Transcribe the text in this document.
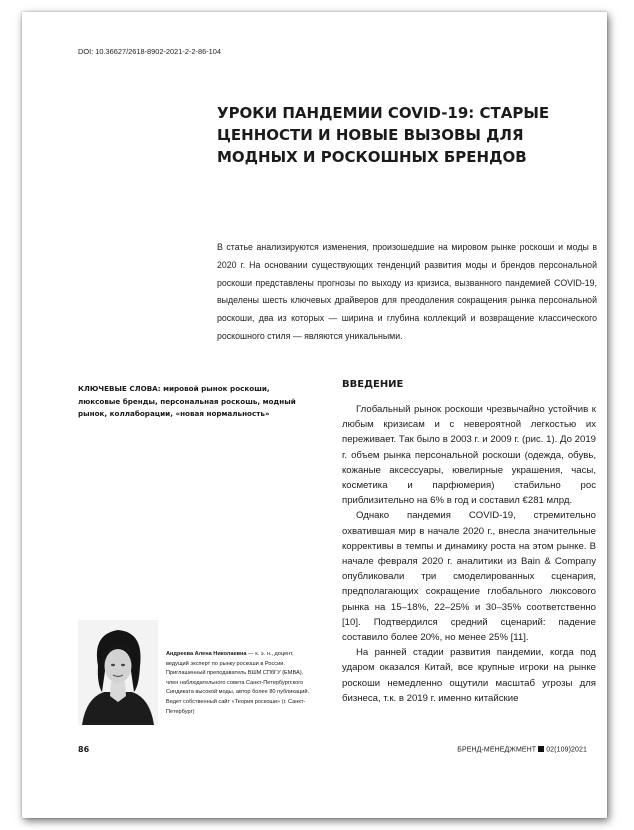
DOI: 10.36627/2618-8902-2021-2-2-86-104
УРОКИ ПАНДЕМИИ COVID-19: СТАРЫЕ ЦЕННОСТИ И НОВЫЕ ВЫЗОВЫ ДЛЯ МОДНЫХ И РОСКОШНЫХ БРЕНДОВ

В статье анализируются изменения, произошедшие на мировом рынке роскоши и моды в 2020 г. На основании существующих тенденций развития моды и брендов персональной роскоши представлены прогнозы по выходу из кризиса, вызванного пандемией COVID-19, выделены шесть ключевых драйверов для преодоления сокращения рынка персональной роскоши, два из которых — ширина и глубина коллекций и возвращение классического роскошного стиля — являются уникальными.

КЛЮЧЕВЫЕ СЛОВА: мировой рынок роскоши, люксовые бренды, персональная роскошь, модный рынок, коллаборации, «новая нормальность»

ВВЕДЕНИЕ

Глобальный рынок роскоши чрезвычайно устойчив к любым кризисам и с невероятной легкостью их переживает. Так было в 2003 г. и 2009 г. (рис. 1). До 2019 г. объем рынка персональной роскоши (одежда, обувь, кожаные аксессуары, ювелирные украшения, часы, косметика и парфюмерия) стабильно рос приблизительно на 6% в год и составил €281 млрд.

Однако пандемия COVID-19, стремительно охватившая мир в начале 2020 г., внесла значительные коррективы в темпы и динамику роста на этом рынке. В начале февраля 2020 г. аналитики из Bain & Company опубликовали три смоделированных сценария, предполагающих сокращение глобального люксового рынка на 15–18%, 22–25% и 30–35% соответственно [10]. Подтвердился средний сценарий: падение составило более 20%, но менее 25% [11].

На ранней стадии развития пандемии, когда под ударом оказался Китай, все крупные игроки на рынке роскоши немедленно ощутили масштаб угрозы для бизнеса, т.к. в 2019 г. именно китайские

Андреева Алена Николаевна — к. э. н., доцент, ведущий эксперт по рынку роскоши в России. Приглашенный преподаватель ВШМ СПбГУ (ЕМВА), член наблюдательного совета Санкт-Петербургского Синдиката высокой моды, автор более 80 публикаций. Ведет собственный сайт «Теория роскоши» (г. Санкт-Петербург)

86	БРЕНД-МЕНЕДЖМЕНТ 02(109)2021
